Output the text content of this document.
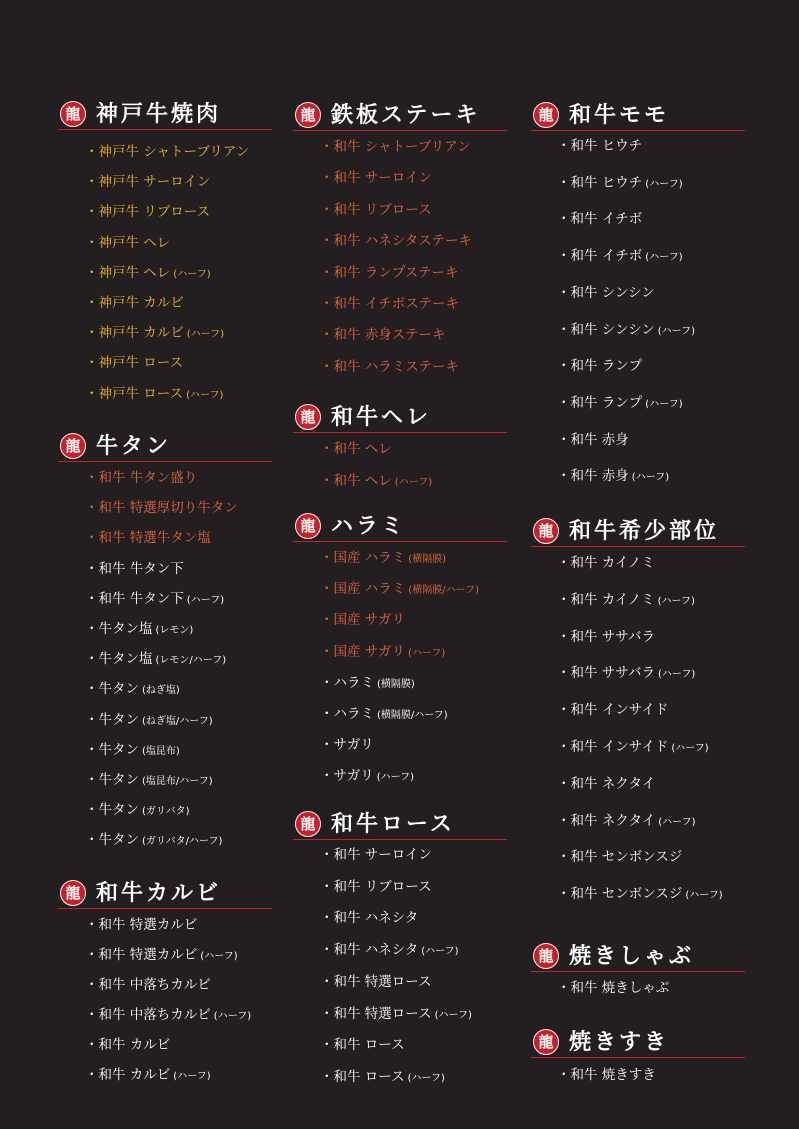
龍 神戸牛焼肉
・神戸牛 シャトーブリアン
・神戸牛 サーロイン
・神戸牛 リブロース
・神戸牛 ヘレ
・神戸牛 ヘレ (ハーフ)
・神戸牛 カルビ
・神戸牛 カルビ (ハーフ)
・神戸牛 ロース
・神戸牛 ロース (ハーフ)
龍 牛タン
・和牛 牛タン盛り
・和牛 特選厚切り牛タン
・和牛 特選牛タン塩
・和牛 牛タン下
・和牛 牛タン下 (ハーフ)
・牛タン塩 (レモン)
・牛タン塩 (レモン/ハーフ)
・牛タン (ねぎ塩)
・牛タン (ねぎ塩/ハーフ)
・牛タン (塩昆布)
・牛タン (塩昆布/ハーフ)
・牛タン (ガリバタ)
・牛タン (ガリバタ/ハーフ)
龍 和牛カルビ
・和牛 特選カルビ
・和牛 特選カルビ (ハーフ)
・和牛 中落ちカルビ
・和牛 中落ちカルビ (ハーフ)
・和牛 カルビ
・和牛 カルビ (ハーフ)
龍 鉄板ステーキ
・和牛 シャトーブリアン
・和牛 サーロイン
・和牛 リブロース
・和牛 ハネシタステーキ
・和牛 ランプステーキ
・和牛 イチボステーキ
・和牛 赤身ステーキ
・和牛 ハラミステーキ
龍 和牛ヘレ
・和牛 ヘレ
・和牛 ヘレ (ハーフ)
龍 ハラミ
・国産 ハラミ (横隔膜)
・国産 ハラミ (横隔膜/ハーフ)
・国産 サガリ
・国産 サガリ (ハーフ)
・ハラミ (横隔膜)
・ハラミ (横隔膜/ハーフ)
・サガリ
・サガリ (ハーフ)
龍 和牛ロース
・和牛 サーロイン
・和牛 リブロース
・和牛 ハネシタ
・和牛 ハネシタ (ハーフ)
・和牛 特選ロース
・和牛 特選ロース (ハーフ)
・和牛 ロース
・和牛 ロース (ハーフ)
龍 和牛モモ
・和牛 ヒウチ
・和牛 ヒウチ (ハーフ)
・和牛 イチボ
・和牛 イチボ (ハーフ)
・和牛 シンシン
・和牛 シンシン (ハーフ)
・和牛 ランプ
・和牛 ランプ (ハーフ)
・和牛 赤身
・和牛 赤身 (ハーフ)
龍 和牛希少部位
・和牛 カイノミ
・和牛 カイノミ (ハーフ)
・和牛 ササバラ
・和牛 ササバラ (ハーフ)
・和牛 インサイド
・和牛 インサイド (ハーフ)
・和牛 ネクタイ
・和牛 ネクタイ (ハーフ)
・和牛 センボンスジ
・和牛 センボンスジ (ハーフ)
龍 焼きしゃぶ
・和牛 焼きしゃぶ
龍 焼きすき
・和牛 焼きすき
